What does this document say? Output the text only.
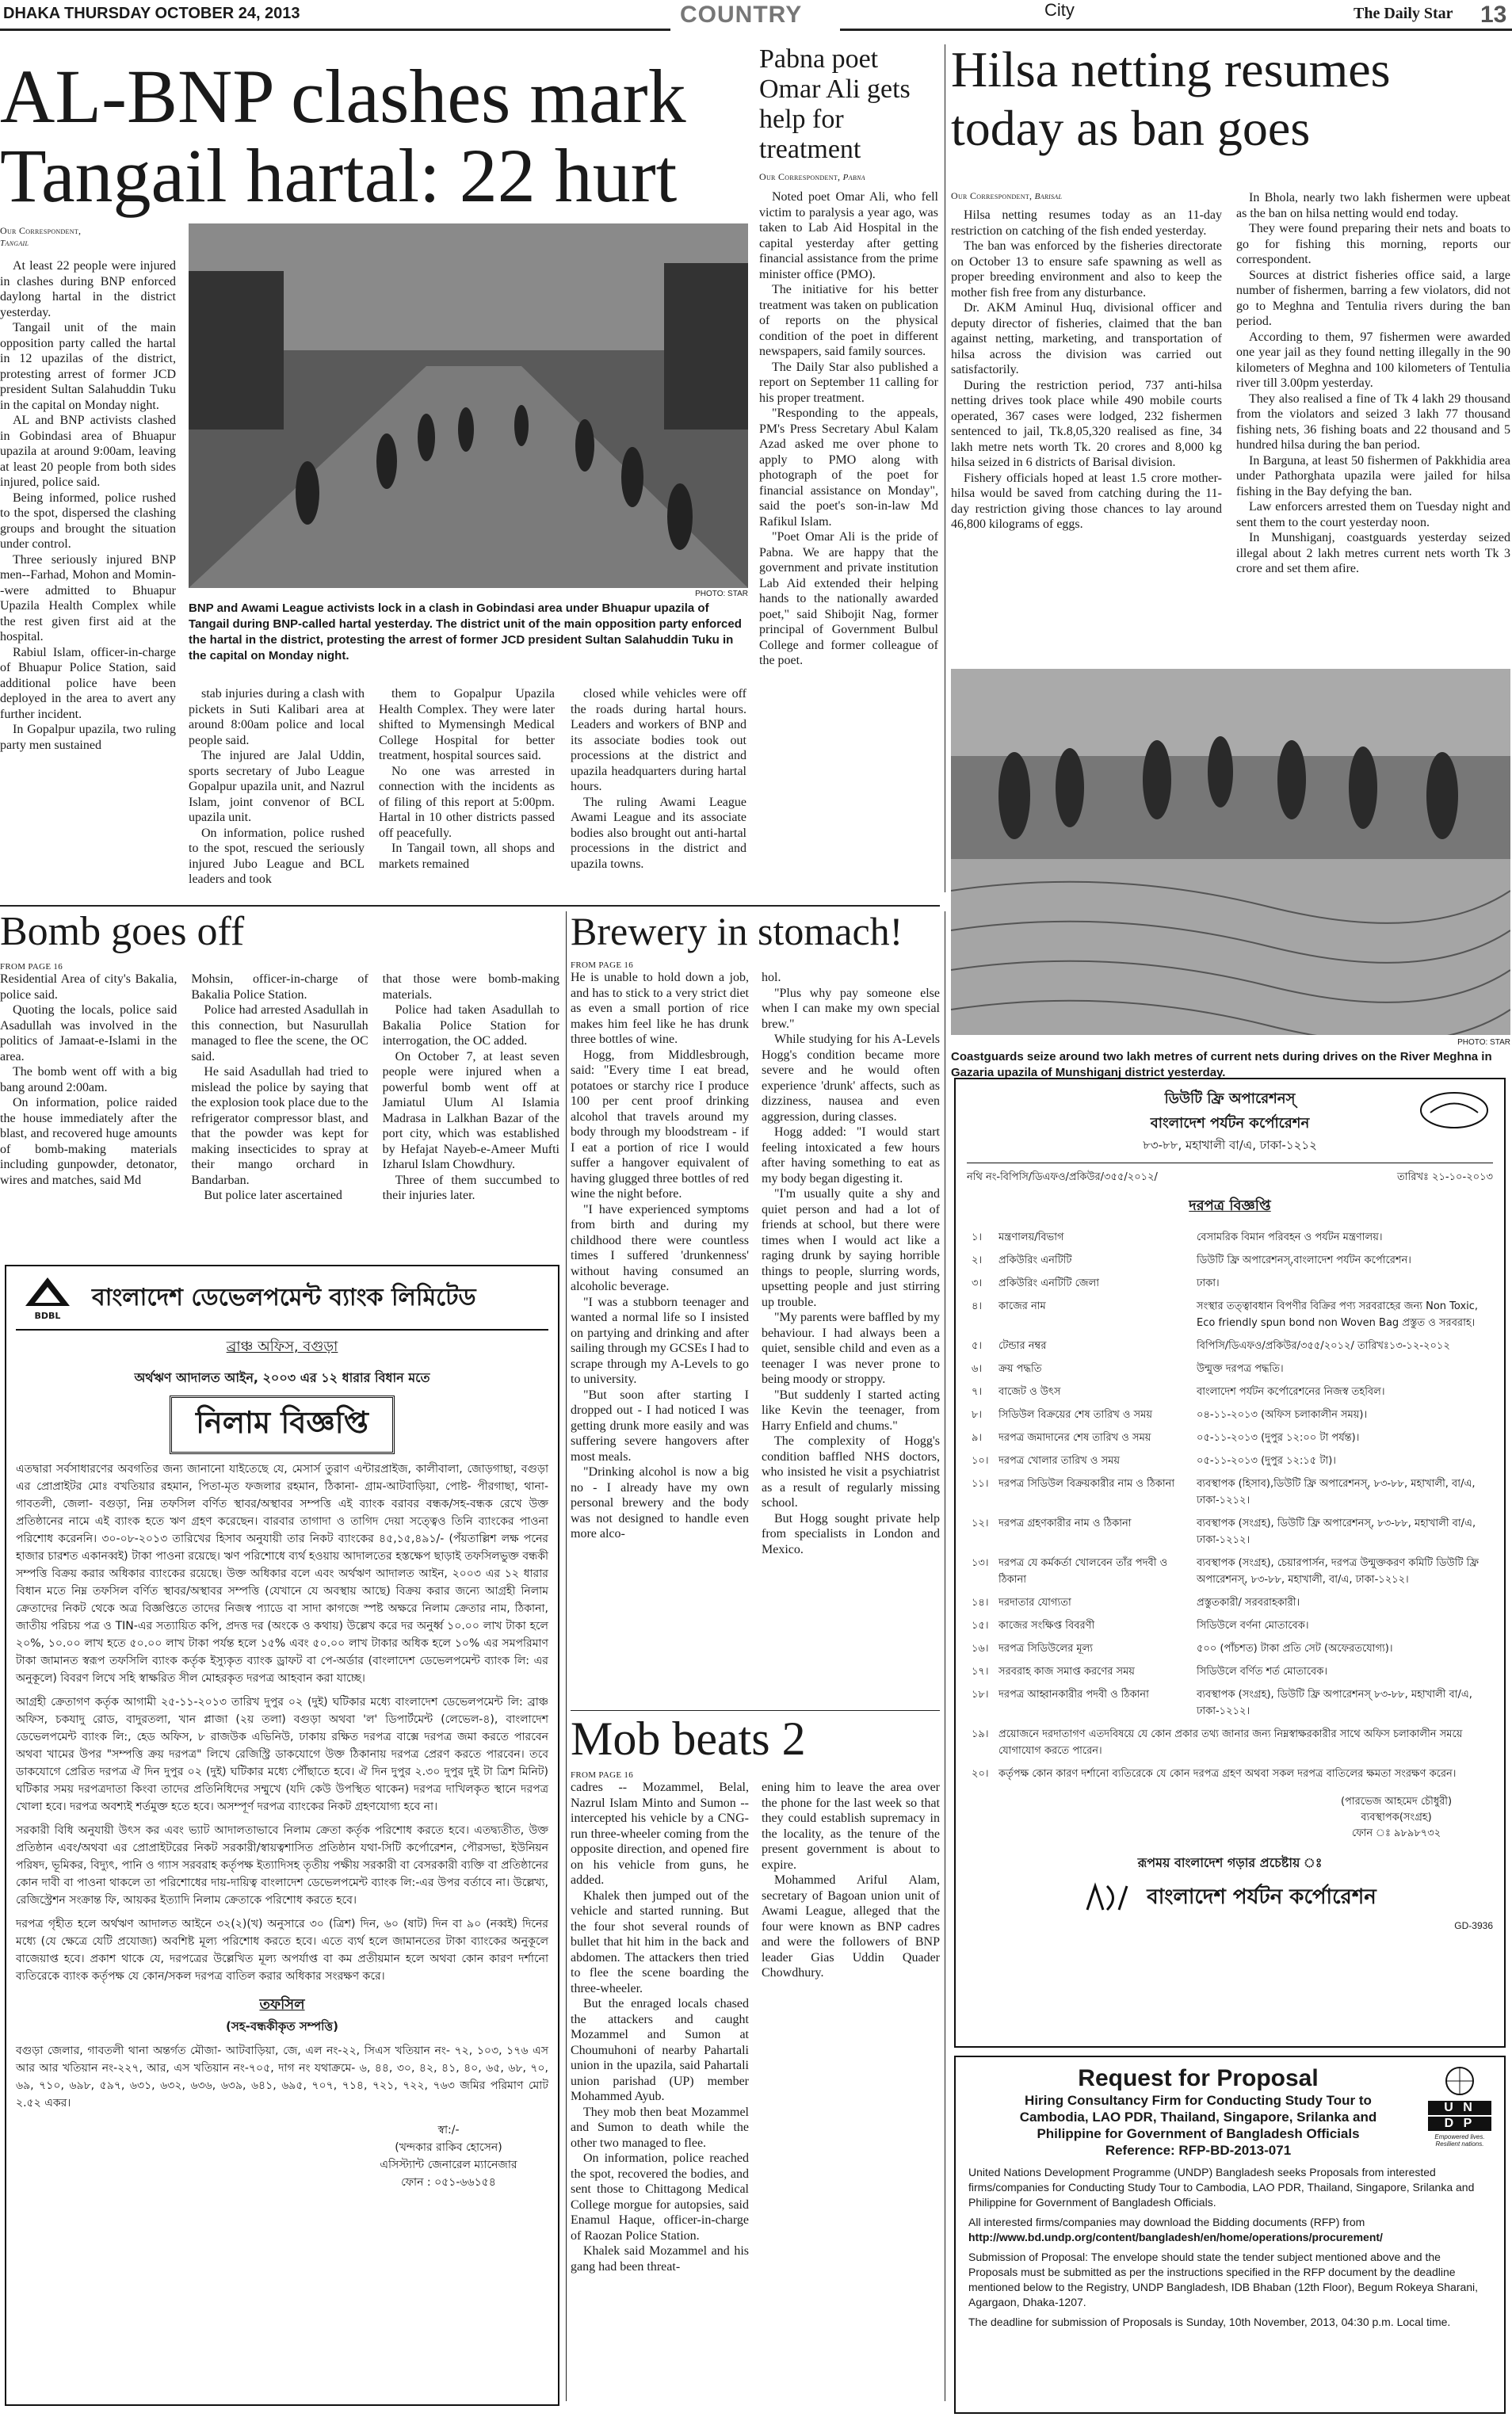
DHAKA THURSDAY OCTOBER 24, 2013	COUNTRY	City	The Daily Star 13
AL-BNP clashes mark
Tangail hartal: 22 hurt
Our Correspondent,
Tangail

At least 22 people were injured in clashes during BNP enforced daylong hartal in the district yesterday.

Tangail unit of the main opposition party called the hartal in 12 upazilas of the district, protesting arrest of former JCD president Sultan Salahuddin Tuku in the capital on Monday night.

AL and BNP activists clashed in Gobindasi area of Bhuapur upazila at around 9:00am, leaving at least 20 people from both sides injured, police said.

Being informed, police rushed to the spot, dispersed the clashing groups and brought the situation under control.

Three seriously injured BNP men--Farhad, Mohon and Momin--were admitted to Bhuapur Upazila Health Complex while the rest given first aid at the hospital.

Rabiul Islam, officer-in-charge of Bhuapur Police Station, said additional police have been deployed in the area to avert any further incident.

In Gopalpur upazila, two ruling party men sustained

PHOTO: STAR
BNP and Awami League activists lock in a clash in Gobindasi area under Bhuapur upazila of Tangail during BNP-called hartal yesterday. The district unit of the main opposition party enforced the hartal in the district, protesting the arrest of former JCD president Sultan Salahuddin Tuku in the capital on Monday night.

stab injuries during a clash with pickets in Suti Kalibari area at around 8:00am police and local people said.

The injured are Jalal Uddin, sports secretary of Jubo League Gopalpur upazila unit, and Nazrul Islam, joint convenor of BCL upazila unit.

On information, police rushed to the spot, rescued the seriously injured Jubo League and BCL leaders and took

them to Gopalpur Upazila Health Complex. They were later shifted to Mymensingh Medical College Hospital for better treatment, hospital sources said.

No one was arrested in connection with the incidents as of filing of this report at 5:00pm. Hartal in 10 other districts passed off peacefully.

In Tangail town, all shops and markets remained

closed while vehicles were off the roads during hartal hours. Leaders and workers of BNP and its associate bodies took out processions at the district and upazila headquarters during hartal hours.

The ruling Awami League Awami League and its associate bodies also brought out anti-hartal processions in the district and upazila towns.

Pabna poet Omar Ali gets help for treatment
Our Correspondent, Pabna

Noted poet Omar Ali, who fell victim to paralysis a year ago, was taken to Lab Aid Hospital in the capital yesterday after getting financial assistance from the prime minister office (PMO).

The initiative for his better treatment was taken on publication of reports on the physical condition of the poet in different newspapers, said family sources.

The Daily Star also published a report on September 11 calling for his proper treatment.

"Responding to the appeals, PM's Press Secretary Abul Kalam Azad asked me over phone to apply to PMO along with photograph of the poet for financial assistance on Monday", said the poet's son-in-law Md Rafikul Islam.

"Poet Omar Ali is the pride of Pabna. We are happy that the government and private institution Lab Aid extended their helping hands to the nationally awarded poet," said Shibojit Nag, former principal of Government Bulbul College and former colleague of the poet.

Hilsa netting resumes
today as ban goes
Our Correspondent, Barisal

Hilsa netting resumes today as an 11-day restriction on catching of the fish ended yesterday.

The ban was enforced by the fisheries directorate on October 13 to ensure safe spawning as well as proper breeding environment and also to keep the mother fish free from any disturbance.

Dr. AKM Aminul Huq, divisional officer and deputy director of fisheries, claimed that the ban against netting, marketing, and transportation of hilsa across the division was carried out satisfactorily.

During the restriction period, 737 anti-hilsa netting drives took place while 490 mobile courts operated, 367 cases were lodged, 232 fishermen sentenced to jail, Tk.8,05,320 realised as fine, 34 lakh metre nets worth Tk. 20 crores and 8,000 kg hilsa seized in 6 districts of Barisal division.

Fishery officials hoped at least 1.5 crore mother-hilsa would be saved from catching during the 11-day restriction giving those chances to lay around 46,800 kilograms of eggs.

In Bhola, nearly two lakh fishermen were upbeat as the ban on hilsa netting would end today.

They were found preparing their nets and boats to go for fishing this morning, reports our correspondent.

Sources at district fisheries office said, a large number of fishermen, barring a few violators, did not go to Meghna and Tentulia rivers during the ban period.

According to them, 97 fishermen were awarded one year jail as they found netting illegally in the 90 kilometers of Meghna and 100 kilometers of Tentulia river till 3.00pm yesterday.

They also realised a fine of Tk 4 lakh 29 thousand from the violators and seized 3 lakh 77 thousand fishing nets, 36 fishing boats and 22 thousand and 5 hundred hilsa during the ban period.

In Barguna, at least 50 fishermen of Pakkhidia area under Pathorghata upazila were jailed for hilsa fishing in the Bay defying the ban.

Law enforcers arrested them on Tuesday night and sent them to the court yesterday noon.

In Munshiganj, coastguards yesterday seized illegal about 2 lakh metres current nets worth Tk 3 crore and set them afire.

PHOTO: STAR
Coastguards seize around two lakh metres of current nets during drives on the River Meghna in Gazaria upazila of Munshiganj district yesterday.
Bomb goes off
FROM PAGE 16

Residential Area of city's Bakalia, police said.

Quoting the locals, police said Asadullah was involved in the politics of Jamaat-e-Islami in the area.

The bomb went off with a big bang around 2:00am.

On information, police raided the house immediately after the blast, and recovered huge amounts of bomb-making materials including gunpowder, detonator, wires and matches, said Md

Mohsin, officer-in-charge of Bakalia Police Station.

Police had arrested Asadullah in this connection, but Nasurullah managed to flee the scene, the OC said.

He said Asadullah had tried to mislead the police by saying that the explosion took place due to the refrigerator compressor blast, and that the powder was kept for making insecticides to spray at their mango orchard in Bandarban.

But police later ascertained

that those were bomb-making materials.

Police had taken Asadullah to Bakalia Police Station for interrogation, the OC added.

On October 7, at least seven people were injured when a powerful bomb went off at Jamiatul Ulum Al Islamia Madrasa in Lalkhan Bazar of the port city, which was established by Hefajat Nayeb-e-Ameer Mufti Izharul Islam Chowdhury.

Three of them succumbed to their injuries later.

Brewery in stomach!
FROM PAGE 16

He is unable to hold down a job, and has to stick to a very strict diet as even a small portion of rice makes him feel like he has drunk three bottles of wine.

Hogg, from Middlesbrough, said: "Every time I eat bread, potatoes or starchy rice I produce 100 per cent proof drinking alcohol that travels around my body through my bloodstream - if I eat a portion of rice I would suffer a hangover equivalent of having glugged three bottles of red wine the night before.

"I have experienced symptoms from birth and during my childhood there were countless times I suffered 'drunkenness' without having consumed an alcoholic beverage.

"I was a stubborn teenager and wanted a normal life so I insisted on partying and drinking and after sailing through my GCSEs I had to scrape through my A-Levels to go to university.

"But soon after starting I dropped out - I had noticed I was getting drunk more easily and was suffering severe hangovers after most meals.

"Drinking alcohol is now a big no - I already have my own personal brewery and the body was not designed to handle even more alco-

hol.

"Plus why pay someone else when I can make my own special brew."

While studying for his A-Levels Hogg's condition became more severe and he would often experience 'drunk' affects, such as dizziness, nausea and even aggression, during classes.

Hogg added: "I would start feeling intoxicated a few hours after having something to eat as my body began digesting it.

"I'm usually quite a shy and quiet person and had a lot of friends at school, but there were times when I would act like a raging drunk by saying horrible things to people, slurring words, upsetting people and just stirring up trouble.

"My parents were baffled by my behaviour. I had always been a quiet, sensible child and even as a teenager I was never prone to being moody or stroppy.

"But suddenly I started acting like Kevin the teenager, from Harry Enfield and chums."

The complexity of Hogg's condition baffled NHS doctors, who insisted he visit a psychiatrist as a result of regularly missing school.

But Hogg sought private help from specialists in London and Mexico.

Mob beats 2
FROM PAGE 16

cadres -- Mozammel, Belal, Nazrul Islam Minto and Sumon -- intercepted his vehicle by a CNG-run three-wheeler coming from the opposite direction, and opened fire on his vehicle from guns, he added.

Khalek then jumped out of the vehicle and started running. But the four shot several rounds of bullet that hit him in the back and abdomen. The attackers then tried to flee the scene boarding the three-wheeler.

But the enraged locals chased the attackers and caught Mozammel and Sumon at Choumuhoni of nearby Pahartali union in the upazila, said Pahartali union parishad (UP) member Mohammed Ayub.

They mob then beat Mozammel and Sumon to death while the other two managed to flee.

On information, police reached the spot, recovered the bodies, and sent those to Chittagong Medical College morgue for autopsies, said Enamul Haque, officer-in-charge of Raozan Police Station.

Khalek said Mozammel and his gang had been threat-

ening him to leave the area over the phone for the last week so that they could establish supremacy in the locality, as the tenure of the present government is about to expire.

Mohammed Ariful Alam, secretary of Bagoan union unit of Awami League, alleged that the four were known as BNP cadres and were the followers of BNP leader Gias Uddin Quader Chowdhury.

BDBL
বাংলাদেশ ডেভেলপমেন্ট ব্যাংক লিমিটেড
ব্রাঞ্চ অফিস, বগুড়া
অর্থঋণ আদালত আইন, ২০০৩ এর ১২ ধারার বিধান মতে
নিলাম বিজ্ঞপ্তি
এতদ্বারা সর্বসাধারণের অবগতির জন্য জানানো যাইতেছে যে, মেসার্স তুরাণ এন্টারপ্রাইজ, কালীবালা, জোড়গাছা, বগুড়া এর প্রোপ্রাইটর মোঃ বখতিয়ার রহমান, পিতা-মৃত ফজলার রহমান, ঠিকানা- গ্রাম-আটবাড়িয়া, পোষ্ট- পীরগাছা, থানা- গাবতলী, জেলা- বগুড়া, নিম্ন তফসিল বর্ণিত স্থাবর/অস্থাবর সম্পত্তি এই ব্যাংক বরাবর বন্ধক/সহ-বন্ধক রেখে উক্ত প্রতিষ্ঠানের নামে এই ব্যাংক হতে ঋণ গ্রহণ করেছেন। বারবার তাগাদা ও তাগিদ দেয়া সত্ত্বেও তিনি ব্যাংকের পাওনা পরিশোধ করেননি। ৩০-০৮-২০১৩ তারিখের হিসাব অনুযায়ী তার নিকট ব্যাংকের ৪৫,১৫,৪৯১/- (পঁয়তাল্লিশ লক্ষ পনের হাজার চারশত একানব্বই) টাকা পাওনা রয়েছে। ঋণ পরিশোধে ব্যর্থ হওয়ায় আদালতের হস্তক্ষেপ ছাড়াই তফসিলভুক্ত বন্ধকী সম্পত্তি বিক্রয় করার অধিকার ব্যাংকের রয়েছে। উক্ত অধিকার বলে এবং অর্থঋণ আদালত আইন, ২০০৩ এর ১২ ধারার বিধান মতে নিম্ন তফসিল বর্ণিত স্থাবর/অস্থাবর সম্পত্তি (যেখানে যে অবস্থায় আছে) বিক্রয় করার জন্যে আগ্রহী নিলাম ক্রেতাদের নিকট থেকে অত্র বিজ্ঞপ্তিতে তাদের নিজস্ব প্যাডে বা সাদা কাগজে স্পষ্ট অক্ষরে নিলাম ক্রেতার নাম, ঠিকানা, জাতীয় পরিচয় পত্র ও TIN-এর সত্যায়িত কপি, প্রদত্ত দর (অংকে ও কথায়) উল্লেখ করে দর অনুর্ধ্ব ১০.০০ লাখ টাকা হলে ২০%, ১০.০০ লাখ হতে ৫০.০০ লাখ টাকা পর্যন্ত হলে ১৫% এবং ৫০.০০ লাখ টাকার অধিক হলে ১০% এর সমপরিমাণ টাকা জামানত স্বরূপ তফসিলি ব্যাংক কর্তৃক ইস্যুকৃত ব্যাংক ড্রাফট বা পে-অর্ডার (বাংলাদেশ ডেভেলপমেন্ট ব্যাংক লি: এর অনুকূলে) বিবরণ লিখে সহি স্বাক্ষরিত সীল মোহরকৃত দরপত্র আহবান করা যাচ্ছে।
আগ্রহী ক্রেতাগণ কর্তৃক আগামী ২৫-১১-২০১৩ তারিখ দুপুর ০২ (দুই) ঘটিকার মধ্যে বাংলাদেশ ডেভেলপমেন্ট লি: ব্রাঞ্চ অফিস, চকযাদু রোড, বাদুরতলা, খান প্লাজা (২য় তলা) বগুড়া অথবা 'ল' ডিপার্টমেন্ট (লেভেল-৪), বাংলাদেশ ডেভেলপমেন্ট ব্যাংক লি:, হেড অফিস, ৮ রাজউক এভিনিউ, ঢাকায় রক্ষিত দরপত্র বাক্সে দরপত্র জমা করতে পারবেন অথবা খামের উপর "সম্পত্তি ক্রয় দরপত্র" লিখে রেজিস্ট্রি ডাকযোগে উক্ত ঠিকানায় দরপত্র প্রেরণ করতে পারবেন। তবে ডাকযোগে প্রেরিত দরপত্র ঐ দিন দুপুর ০২ (দুই) ঘটিকার মধ্যে পৌঁছাতে হবে। ঐ দিন দুপুর ২.৩০ দুপুর দুই টা ত্রিশ মিনিট) ঘটিকার সময় দরপত্রদাতা কিংবা তাদের প্রতিনিধিদের সম্মুখে (যদি কেউ উপস্থিত থাকেন) দরপত্র দাখিলকৃত স্থানে দরপত্র খোলা হবে। দরপত্র অবশ্যই শর্তমুক্ত হতে হবে। অসম্পূর্ণ দরপত্র ব্যাংকের নিকট গ্রহণযোগ্য হবে না।
সরকারী বিধি অনুযায়ী উৎস কর এবং ভ্যাট আদালতাভাবে নিলাম ক্রেতা কর্তৃক পরিশোধ করতে হবে। এতদ্ব্যতীত, উক্ত প্রতিষ্ঠান এবং/অথবা এর প্রোপ্রাইটরের নিকট সরকারী/স্বায়ত্বশাসিত প্রতিষ্ঠান যথা-সিটি কর্পোরেশন, পৌরসভা, ইউনিয়ন পরিষদ, ভূমিকর, বিদ্যুৎ, পানি ও গ্যাস সরবরাহ কর্তৃপক্ষ ইত্যাদিসহ তৃতীয় পক্ষীয় সরকারী বা বেসরকারী ব্যক্তি বা প্রতিষ্ঠানের কোন দাবী বা পাওনা থাকলে তা পরিশোধের দায়-দায়িত্ব বাংলাদেশ ডেভেলপমেন্ট ব্যাংক লি:-এর উপর বর্তাবে না। উল্লেখ্য, রেজিস্ট্রেশন সংক্রান্ত ফি, আয়কর ইত্যাদি নিলাম ক্রেতাকে পরিশোধ করতে হবে।
দরপত্র গৃহীত হলে অর্থঋণ আদালত আইনে ৩২(২)(খ) অনুসারে ৩০ (ত্রিশ) দিন, ৬০ (ষাট) দিন বা ৯০ (নব্বই) দিনের মধ্যে (যে ক্ষেত্রে যেটি প্রযোজ্য) অবশিষ্ট মূল্য পরিশোধ করতে হবে। এতে ব্যর্থ হলে জামানতের টাকা ব্যাংকের অনুকূলে বাজেয়াপ্ত হবে। প্রকাশ থাকে যে, দরপত্রের উল্লেখিত মূল্য অপর্যাপ্ত বা কম প্রতীয়মান হলে অথবা কোন কারণ দর্শানো ব্যতিরেকে ব্যাংক কর্তৃপক্ষ যে কোন/সকল দরপত্র বাতিল করার অধিকার সংরক্ষণ করে।
তফসিল
(সহ-বন্ধকীকৃত সম্পত্তি)
বগুড়া জেলার, গাবতলী থানা অন্তর্গত মৌজা- আটবাড়িয়া, জে, এল নং-২২, সিএস খতিয়ান নং- ৭২, ১০৩, ১৭৬ এস আর আর খতিয়ান নং-২২৭, আর, এস খতিয়ান নং-৭০৫, দাগ নং যথাক্রমে- ৬, ৪৪, ৩০, ৪২, ৪১, ৪০, ৬৫, ৬৮, ৭০, ৬৯, ৭১০, ৬৯৮, ৫৯৭, ৬৩১, ৬৩২, ৬৩৬, ৬৩৯, ৬৪১, ৬৯৫, ৭০৭, ৭১৪, ৭২১, ৭২২, ৭৬৩ জমির পরিমাণ মোট ২.৫২ একর।
স্বা:/-
(খন্দকার রাকিব হোসেন)
এসিস্ট্যান্ট জেনারেল ম্যানেজার
ফোন : ০৫১-৬৬১৫৪
ডিউটি ফ্রি অপারেশনস্
বাংলাদেশ পর্যটন কর্পোরেশন
৮৩-৮৮, মহাখালী বা/এ, ঢাকা-১২১২
নথি নং-বিপিসি/ডিএফও/প্রকিউর/৩৫৫/২০১২/	তারিখঃ ২১-১০-২০১৩
দরপত্র বিজ্ঞপ্তি
১।	মন্ত্রণালয়/বিভাগ	বেসামরিক বিমান পরিবহন ও পর্যটন মন্ত্রণালয়।
২।	প্রকিউরিং এনটিটি	ডিউটি ফ্রি অপারেশনস্,বাংলাদেশ পর্যটন কর্পোরেশন।
৩।	প্রকিউরিং এনটিটি জেলা	ঢাকা।
৪।	কাজের নাম	সংস্থার তত্ত্বাবধান বিপণীর বিক্রির পণ্য সরবরাহের জন্য Non Toxic, Eco friendly spun bond non Woven Bag প্রস্তুত ও সরবরাহ।
৫।	টেন্ডার নম্বর	বিপিসি/ডিএফও/প্রকিউর/৩৫৫/২০১২/ তারিখঃ১৩-১২-২০১২
৬।	ক্রয় পদ্ধতি	উন্মুক্ত দরপত্র পদ্ধতি।
৭।	বাজেট ও উৎস	বাংলাদেশ পর্যটন কর্পোরেশনের নিজস্ব তহবিল।
৮।	সিডিউল বিক্রয়ের শেষ তারিখ ও সময়	০৪-১১-২০১৩ (অফিস চলাকালীন সময়)।
৯।	দরপত্র জমাদানের শেষ তারিখ ও সময়	০৫-১১-২০১৩ (দুপুর ১২:০০ টা পর্যন্ত)।
১০।	দরপত্র খোলার তারিখ ও সময়	০৫-১১-২০১৩ (দুপুর ১২:১৫ টা)।
১১।	দরপত্র সিডিউল বিক্রয়কারীর নাম ও ঠিকানা	ব্যবস্থাপক (হিসাব),ডিউটি ফ্রি অপারেশনস্, ৮৩-৮৮, মহাখালী, বা/এ, ঢাকা-১২১২।
১২।	দরপত্র গ্রহণকারীর নাম ও ঠিকানা	ব্যবস্থাপক (সংগ্রহ), ডিউটি ফ্রি অপারেশনস্, ৮৩-৮৮, মহাখালী বা/এ, ঢাকা-১২১২।
১৩।	দরপত্র যে কর্মকর্তা খোলবেন তাঁর পদবী ও ঠিকানা	ব্যবস্থাপক (সংগ্রহ), চেয়ারপার্সন, দরপত্র উন্মুক্তকরণ কমিটি ডিউটি ফ্রি অপারেশনস্, ৮৩-৮৮, মহাখালী, বা/এ, ঢাকা-১২১২।
১৪।	দরদাতার যোগ্যতা	প্রস্তুতকারী/ সরবরাহকারী।
১৫।	কাজের সংক্ষিপ্ত বিবরণী	সিডিউলে বর্ণনা মোতাবেক।
১৬।	দরপত্র সিডিউলের মূল্য	৫০০ (পাঁচশত) টাকা প্রতি সেট (অফেরতযোগ্য)।
১৭।	সরবরাহ কাজ সমাপ্ত করণের সময়	সিডিউলে বর্ণিত শর্ত মোতাবেক।
১৮।	দরপত্র আহ্বানকারীর পদবী ও ঠিকানা	ব্যবস্থাপক (সংগ্রহ), ডিউটি ফ্রি অপারেশনস্ ৮৩-৮৮, মহাখালী বা/এ, ঢাকা-১২১২।
১৯।	প্রয়োজনে দরদাতাগণ এতদবিষয়ে যে কোন প্রকার তথ্য জানার জন্য নিম্নস্বাক্ষরকারীর সাথে অফিস চলাকালীন সময়ে যোগাযোগ করতে পারেন।	
২০।	কর্তৃপক্ষ কোন কারণ দর্শানো ব্যতিরেকে যে কোন দরপত্র গ্রহণ অথবা সকল দরপত্র বাতিলের ক্ষমতা সংরক্ষণ করেন।	
(পারভেজ আহমেদ চৌধুরী)
ব্যবস্থাপক(সংগ্রহ)
ফোন ঃ ৯৮৯৮৭৩২
রূপময় বাংলাদেশ গড়ার প্রচেষ্টায় ঃ
বাংলাদেশ পর্যটন কর্পোরেশন
GD-3936
Request for Proposal
Hiring Consultancy Firm for Conducting Study Tour to
Cambodia, LAO PDR, Thailand, Singapore, Srilanka and
Philippine for Government of Bangladesh Officials
Reference: RFP-BD-2013-071
U N
D P
Empowered lives. Resilient nations.
United Nations Development Programme (UNDP) Bangladesh seeks Proposals from interested firms/companies for Conducting Study Tour to Cambodia, LAO PDR, Thailand, Singapore, Srilanka and Philippine for Government of Bangladesh Officials.
All interested firms/companies may download the Bidding documents (RFP) from
http://www.bd.undp.org/content/bangladesh/en/home/operations/procurement/
Submission of Proposal: The envelope should state the tender subject mentioned above and the Proposals must be submitted as per the instructions specified in the RFP document by the deadline mentioned below to the Registry, UNDP Bangladesh, IDB Bhaban (12th Floor), Begum Rokeya Sharani, Agargaon, Dhaka-1207.
The deadline for submission of Proposals is Sunday, 10th November, 2013, 04:30 p.m. Local time.
